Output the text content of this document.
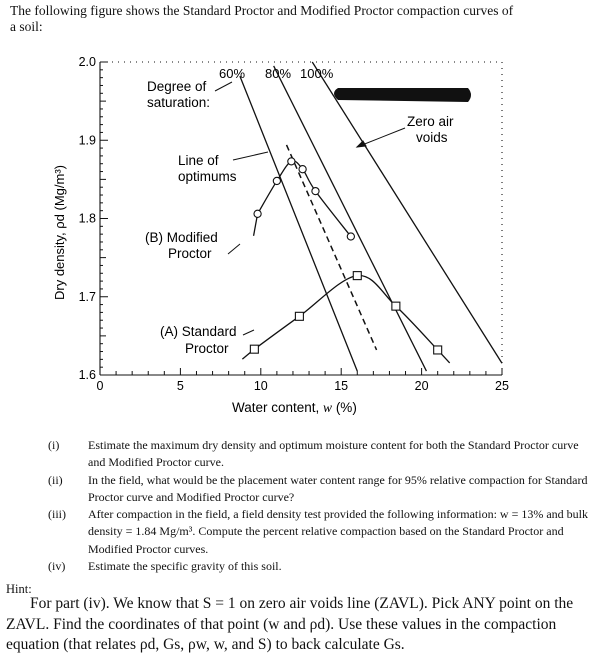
The following figure shows the Standard Proctor and Modified Proctor compaction curves of
a soil:
0	5	10	15	20	25
1.6
1.7
1.8
1.9
2.0
Degree of
saturation:
60% 80% 100%
Line of
optimums
(B) Modified
Proctor
(A) Standard
Proctor
Zero air
voids
Water content, w (%)
Dry density, ρd (Mg/m³)
(i)	Estimate the maximum dry density and optimum moisture content for both the Standard Proctor curve and Modified Proctor curve.
(ii)	In the field, what would be the placement water content range for 95% relative compaction for Standard Proctor curve and Modified Proctor curve?
(iii)	After compaction in the field, a field density test provided the following information: w = 13% and bulk density = 1.84 Mg/m³. Compute the percent relative compaction based on the Standard Proctor and Modified Proctor curves.
(iv)	Estimate the specific gravity of this soil.
Hint:
For part (iv). We know that S = 1 on zero air voids line (ZAVL). Pick ANY point on the ZAVL. Find the coordinates of that point (w and ρd). Use these values in the compaction equation (that relates ρd, Gs, ρw, w, and S) to back calculate Gs.
